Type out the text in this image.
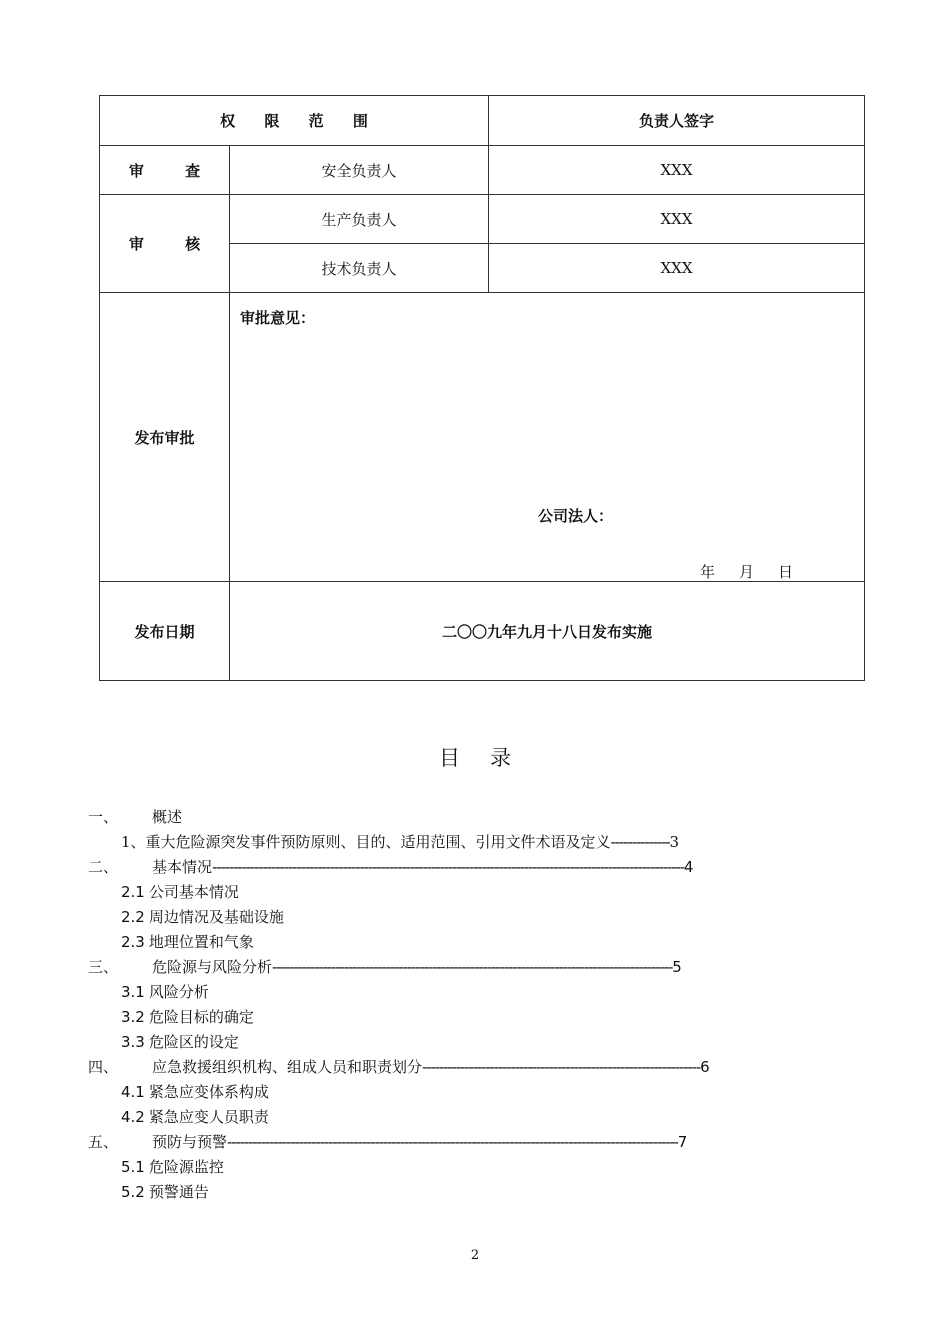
权 限 范 围		负责人签字
审 查	安全负责人	XXX
审 核	生产负责人	XXX
	技术负责人	XXX
发布审批	审批意见：
公司法人：
年 月 日	

发布日期	二〇〇九年九月十八日发布实施	
目录
一、 概述
1、重大危险源突发事件预防原则、目的、适用范围、引用文件术语及定义--------------3
二、 基本情况----------------------------------------------------------------------------------------------------------------4
2.1 公司基本情况
2.2 周边情况及基础设施
2.3 地理位置和气象
三、 危险源与风险分析-----------------------------------------------------------------------------------------------5
3.1 风险分析
3.2 危险目标的确定
3.3 危险区的设定
四、 应急救援组织机构、组成人员和职责划分------------------------------------------------------------------6
4.1 紧急应变体系构成
4.2 紧急应变人员职责
五、 预防与预警-----------------------------------------------------------------------------------------------------------7
5.1 危险源监控
5.2 预警通告
2
